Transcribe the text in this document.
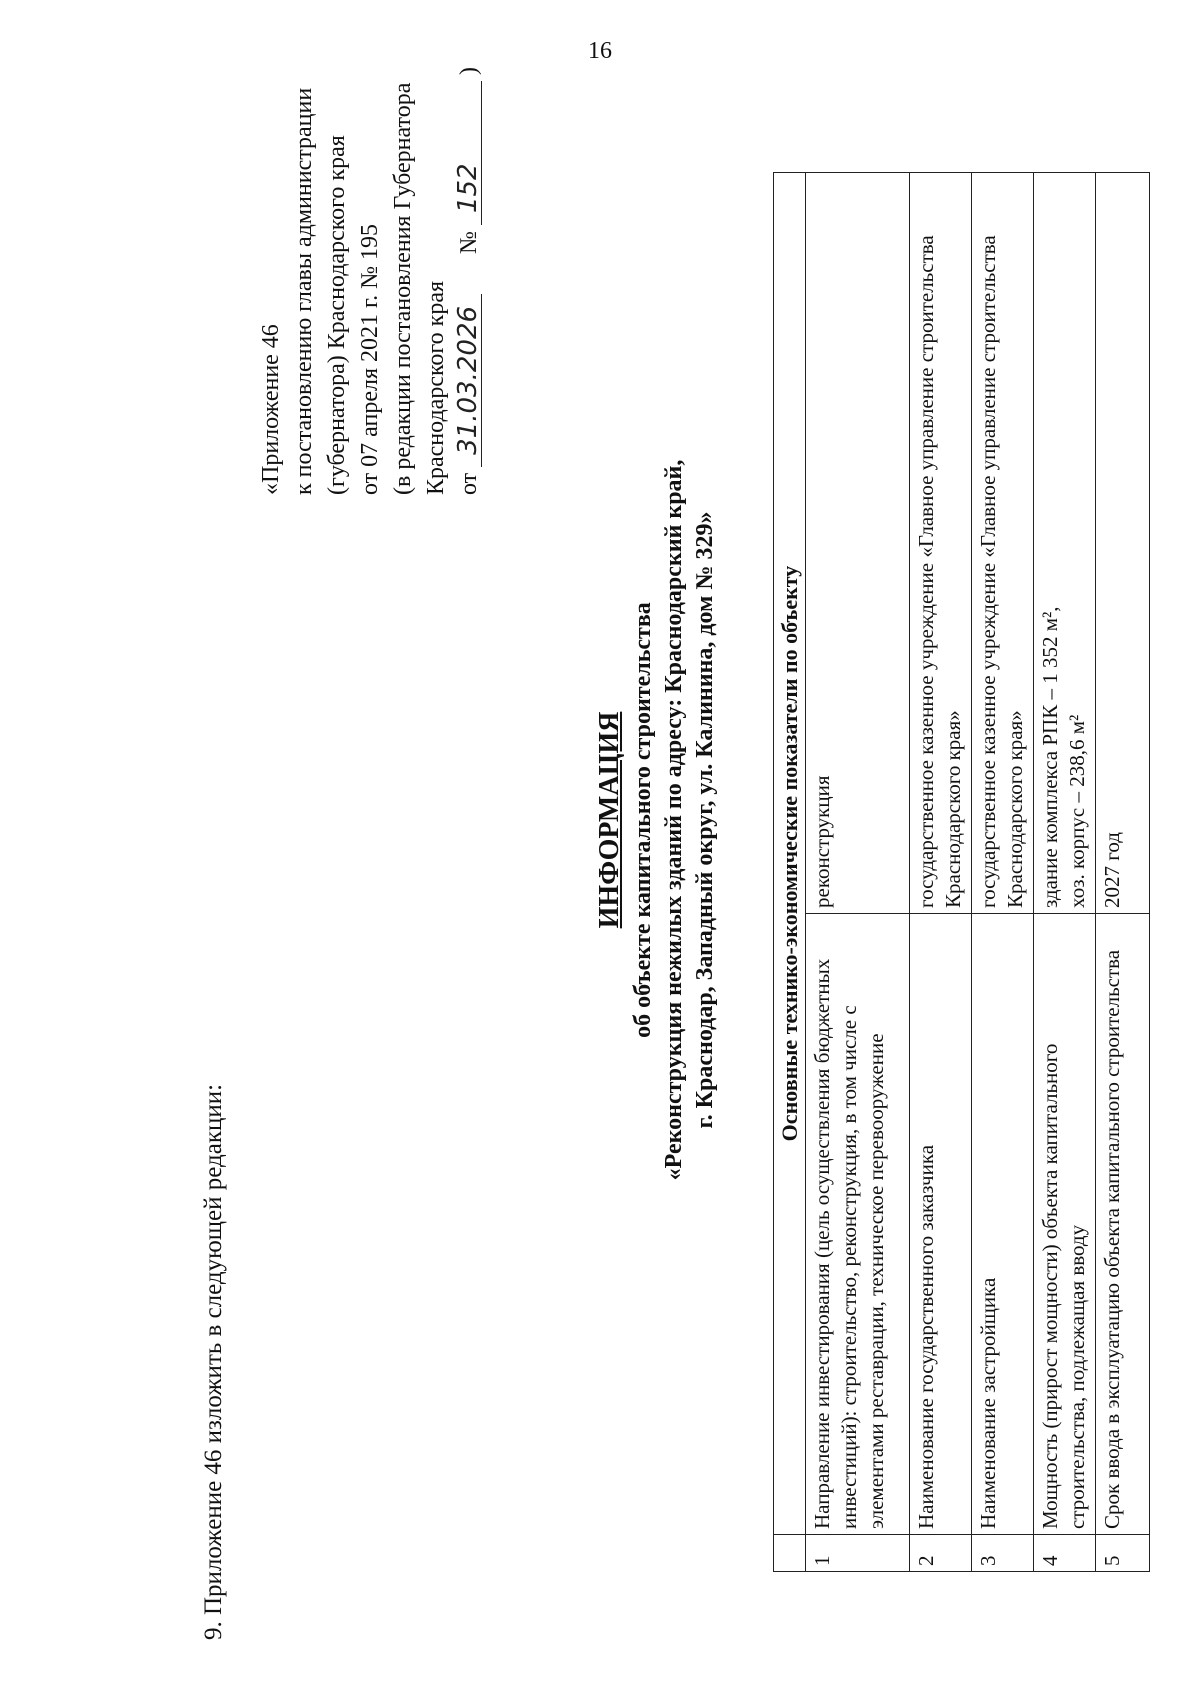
16
9. Приложение 46 изложить в следующей редакции:
«Приложение 46 к постановлению главы администрации (губернатора) Краснодарского края от 07 апреля 2021 г. № 195 (в редакции постановления Губернатора Краснодарского края от 31.03.2026  № 152 )
ИНФОРМАЦИЯ об объекте капитального строительства «Реконструкция нежилых зданий по адресу: Краснодарский край, г. Краснодар, Западный округ, ул. Калинина, дом № 329»
		Основные технико-экономические показатели по объекту	
1	Направление инвестирования (цель осуществления бюджетных инвестиций): строительство, реконструкция, в том числе с элементами реставрации, техническое перевооружение	реконструкция
2	Наименование государственного заказчика	государственное казенное учреждение «Главное управление строительства Краснодарского края»
3	Наименование застройщика	государственное казенное учреждение «Главное управление строительства Краснодарского края»
4	Мощность (прирост мощности) объекта капитального строительства, подлежащая вводу	здание комплекса РПК – 1 352 м², хоз. корпус – 238,6 м²

5	Срок ввода в эксплуатацию объекта капитального строительства	2027 год
